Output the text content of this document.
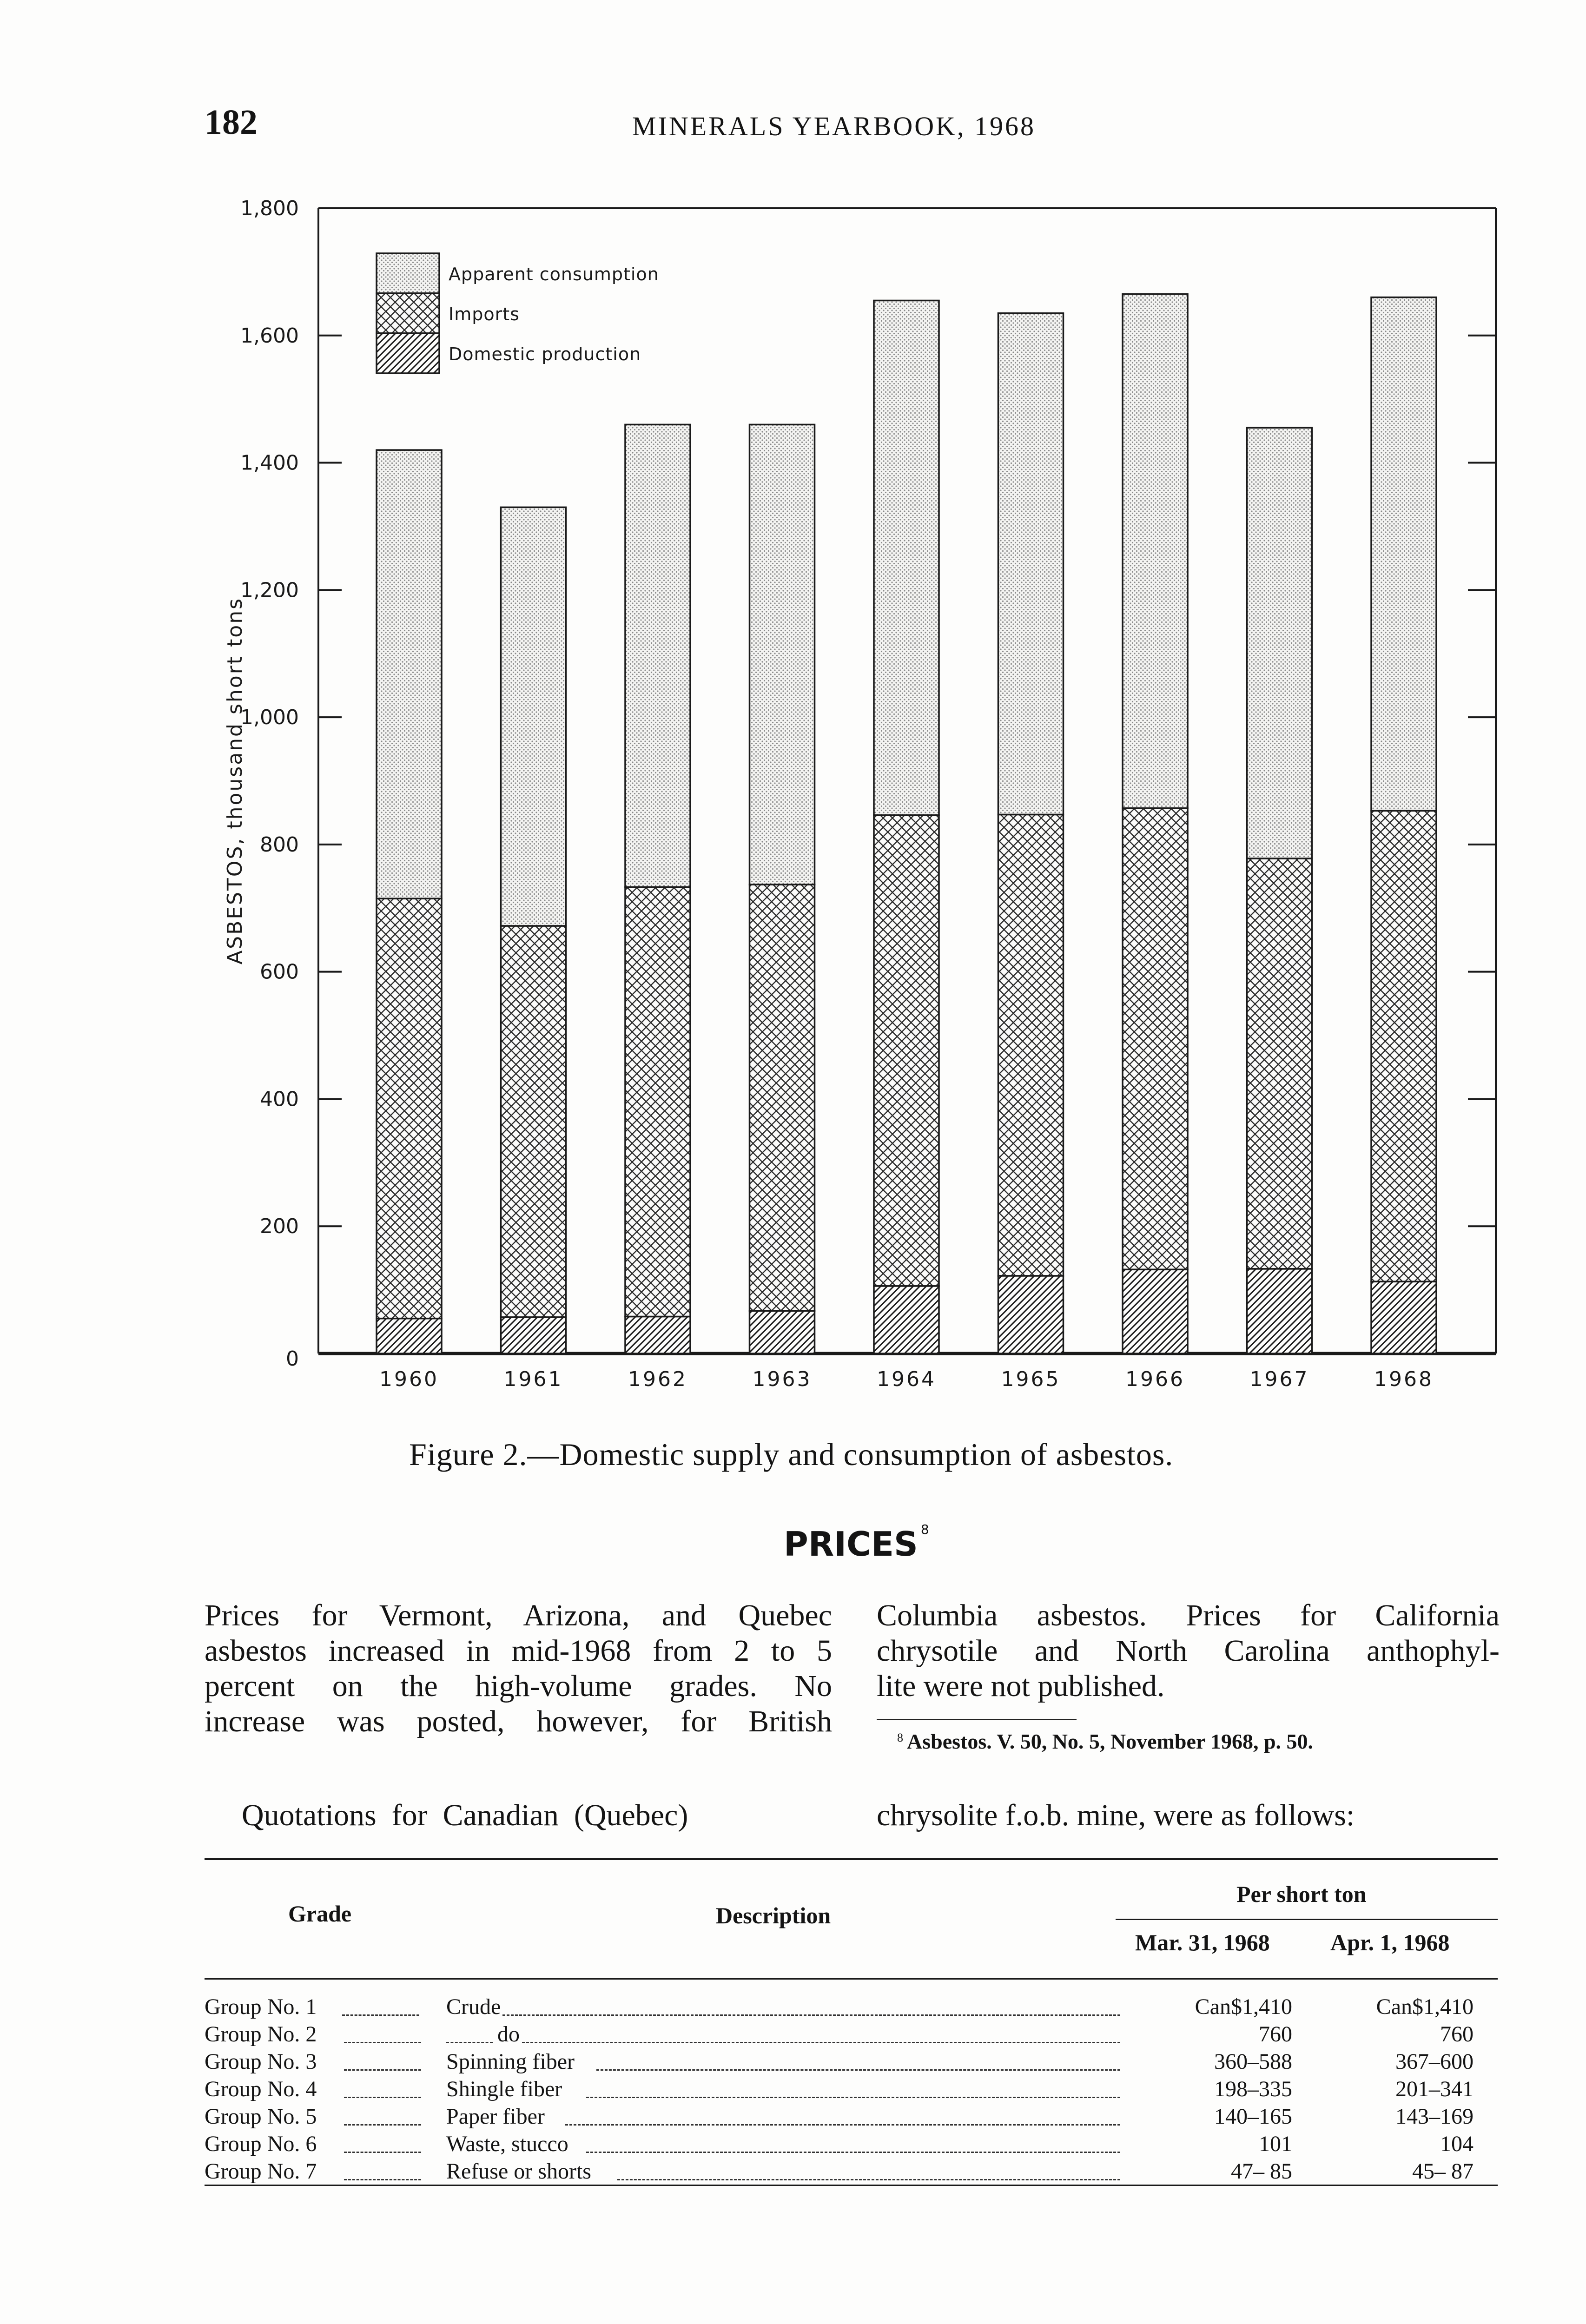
182	MINERALS YEARBOOK, 1968
0
200
400
600
800
1,000
1,200
1,400
1,600
1,800
ASBESTOS, thousand short tons
1960	1961	1962	1963	1964	1965	1966	1967	1968
Apparent consumption
Imports
Domestic production
Figure 2.—Domestic supply and consumption of asbestos.
PRICES $^8$
Prices for Vermont, Arizona, and Quebec
asbestos increased in mid-1968 from 2 to 5
percent on the high-volume grades. No
increase was posted, however, for British
Columbia asbestos. Prices for California
chrysotile and North Carolina anthophyl-
lite were not published.
$^8$ Asbestos. V. 50, No. 5, November 1968, p. 50.
Quotations  for  Canadian  (Quebec)	chrysolite f.o.b. mine, were as follows:
Grade	Description
Per short ton
Mar. 31, 1968	Apr. 1, 1968
Group No. 1	Crude	Can$1,410	Can$1,410
Group No. 2	do	760	760
Group No. 3	Spinning fiber	360–588	367–600
Group No. 4	Shingle fiber	198–335	201–341
Group No. 5	Paper fiber	140–165	143–169
Group No. 6	Waste, stucco	101	104
Group No. 7	Refuse or shorts	47– 85	45– 87
